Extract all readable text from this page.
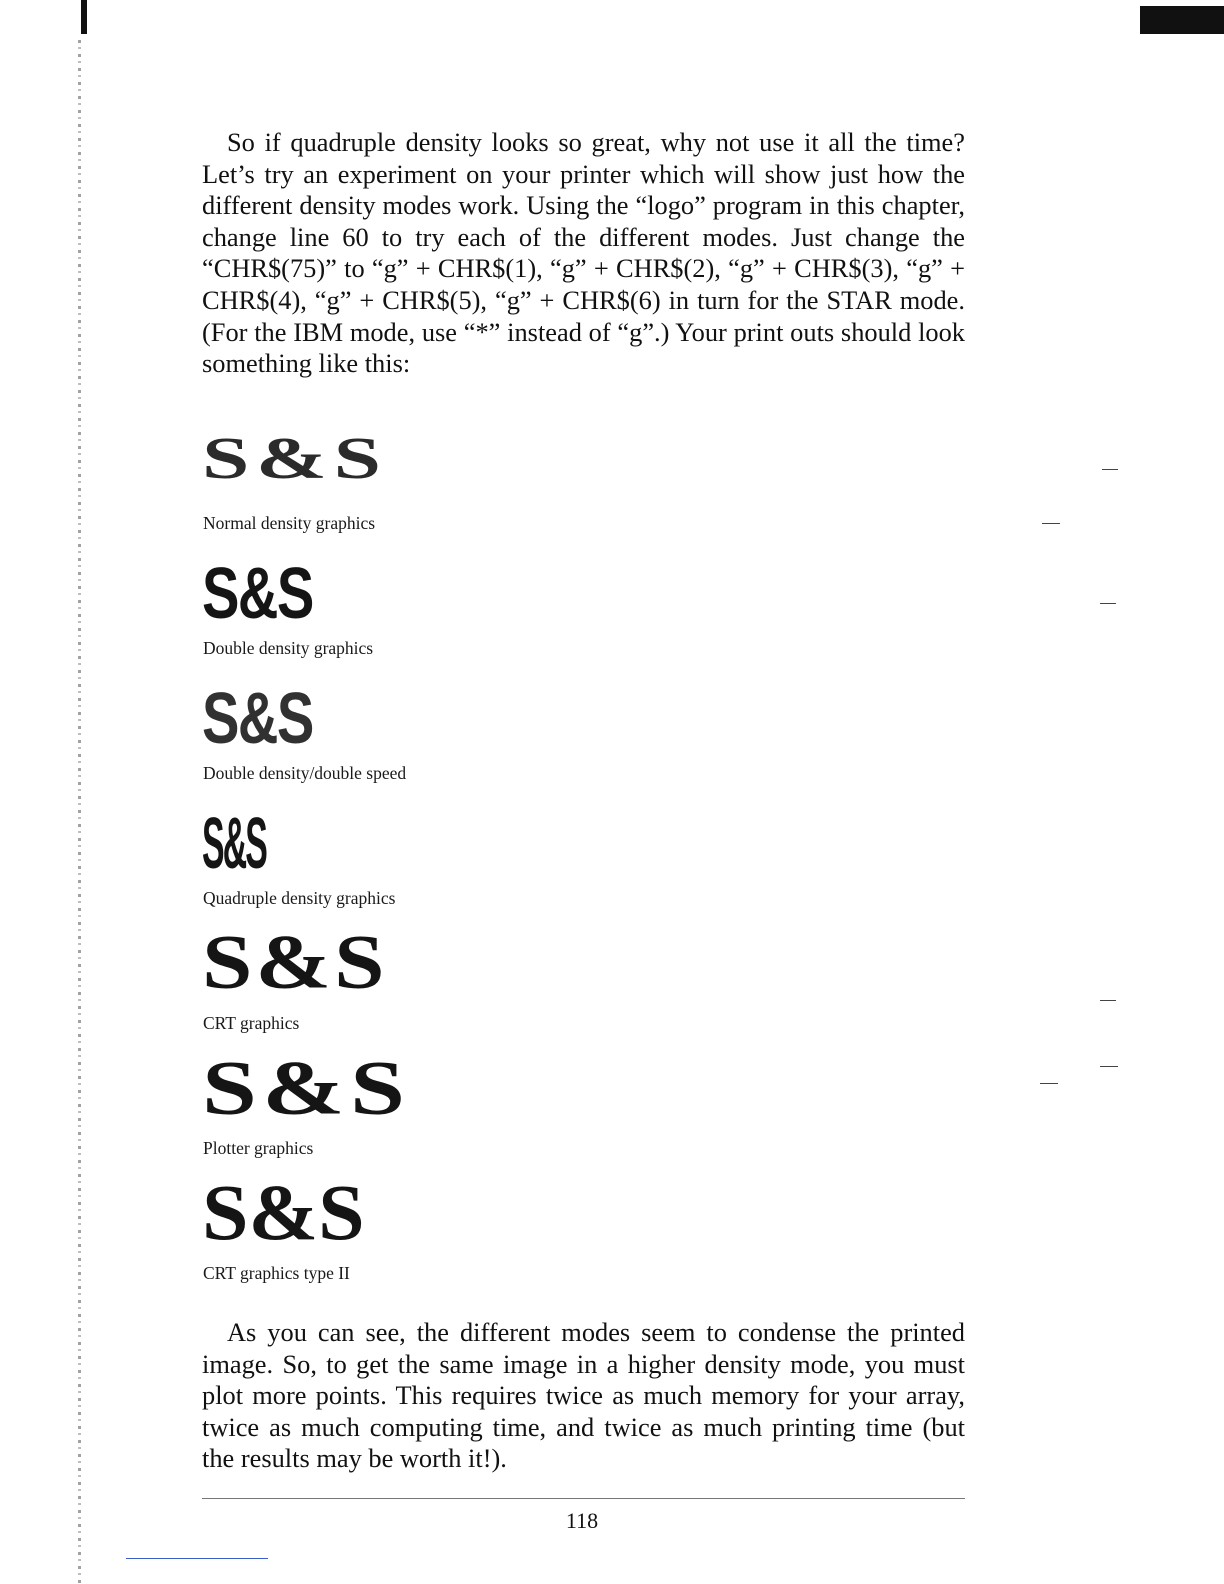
So if quadruple density looks so great, why not use it all the time? Let’s try an experiment on your printer which will show just how the different density modes work. Using the “logo” program in this chapter, change line 60 to try each of the different modes. Just change the “CHR$(75)” to “g” + CHR$(1), “g” + CHR$(2), “g” + CHR$(3), “g” + CHR$(4), “g” + CHR$(5), “g” + CHR$(6) in turn for the STAR mode. (For the IBM mode, use “*” instead of “g”.) Your print outs should look something like this:

S&S
Normal density graphics
S&S
Double density graphics
S&S
Double density/double speed
S&S
Quadruple density graphics
S&S
CRT graphics
S&S
Plotter graphics
S&S
CRT graphics type II

As you can see, the different modes seem to condense the printed image. So, to get the same image in a higher density mode, you must plot more points. This requires twice as much memory for your array, twice as much computing time, and twice as much printing time (but the results may be worth it!).

118
